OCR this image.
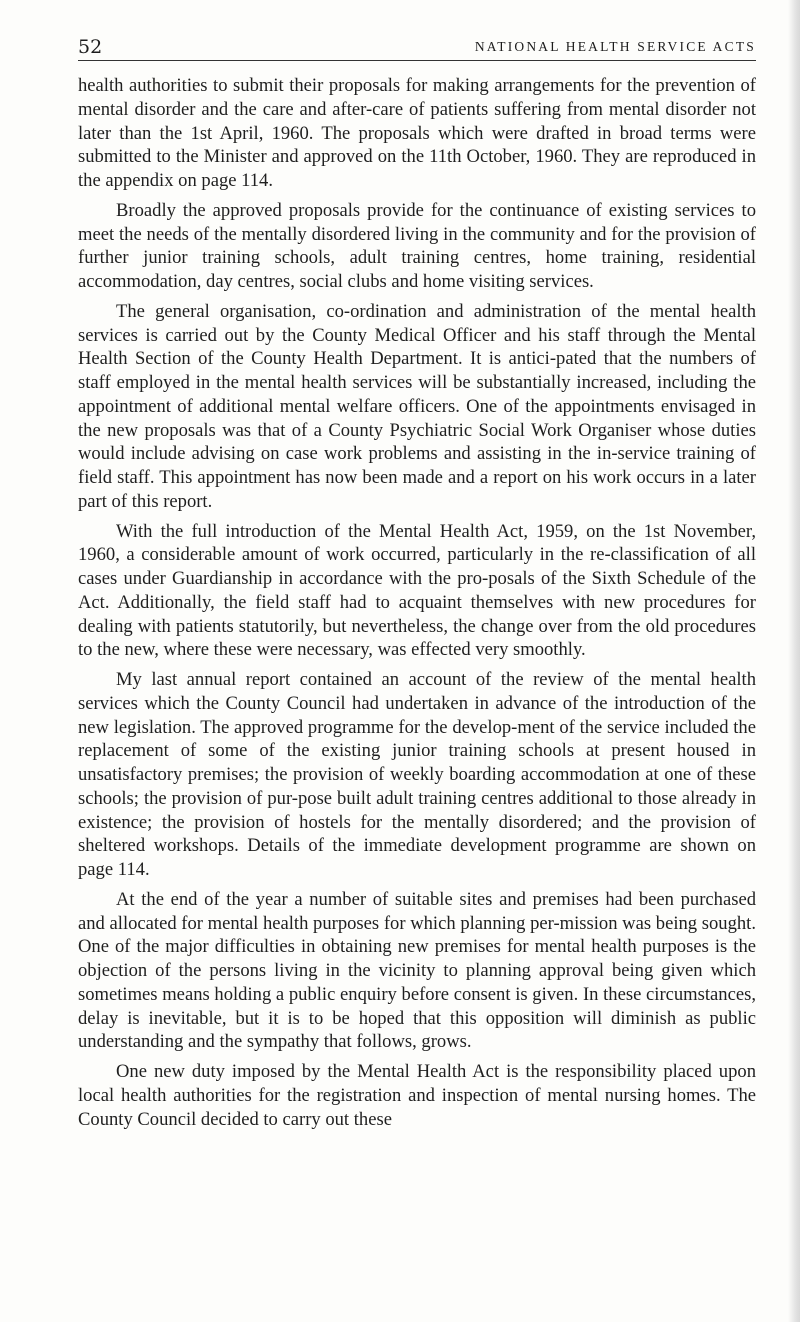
52	NATIONAL HEALTH SERVICE ACTS

health authorities to submit their proposals for making arrangements for the prevention of mental disorder and the care and after-care of patients suffering from mental disorder not later than the 1st April, 1960. The proposals which were drafted in broad terms were submitted to the Minister and approved on the 11th October, 1960. They are reproduced in the appendix on page 114.

Broadly the approved proposals provide for the continuance of existing services to meet the needs of the mentally disordered living in the community and for the provision of further junior training schools, adult training centres, home training, residential accommodation, day centres, social clubs and home visiting services.

The general organisation, co-ordination and administration of the mental health services is carried out by the County Medical Officer and his staff through the Mental Health Section of the County Health Department. It is antici-pated that the numbers of staff employed in the mental health services will be substantially increased, including the appointment of additional mental welfare officers. One of the appointments envisaged in the new proposals was that of a County Psychiatric Social Work Organiser whose duties would include advising on case work problems and assisting in the in-service training of field staff. This appointment has now been made and a report on his work occurs in a later part of this report.

With the full introduction of the Mental Health Act, 1959, on the 1st November, 1960, a considerable amount of work occurred, particularly in the re-classification of all cases under Guardianship in accordance with the pro-posals of the Sixth Schedule of the Act. Additionally, the field staff had to acquaint themselves with new procedures for dealing with patients statutorily, but nevertheless, the change over from the old procedures to the new, where these were necessary, was effected very smoothly.

My last annual report contained an account of the review of the mental health services which the County Council had undertaken in advance of the introduction of the new legislation. The approved programme for the develop-ment of the service included the replacement of some of the existing junior training schools at present housed in unsatisfactory premises; the provision of weekly boarding accommodation at one of these schools; the provision of pur-pose built adult training centres additional to those already in existence; the provision of hostels for the mentally disordered; and the provision of sheltered workshops. Details of the immediate development programme are shown on page 114.

At the end of the year a number of suitable sites and premises had been purchased and allocated for mental health purposes for which planning per-mission was being sought. One of the major difficulties in obtaining new premises for mental health purposes is the objection of the persons living in the vicinity to planning approval being given which sometimes means holding a public enquiry before consent is given. In these circumstances, delay is inevitable, but it is to be hoped that this opposition will diminish as public understanding and the sympathy that follows, grows.

One new duty imposed by the Mental Health Act is the responsibility placed upon local health authorities for the registration and inspection of mental nursing homes. The County Council decided to carry out these
